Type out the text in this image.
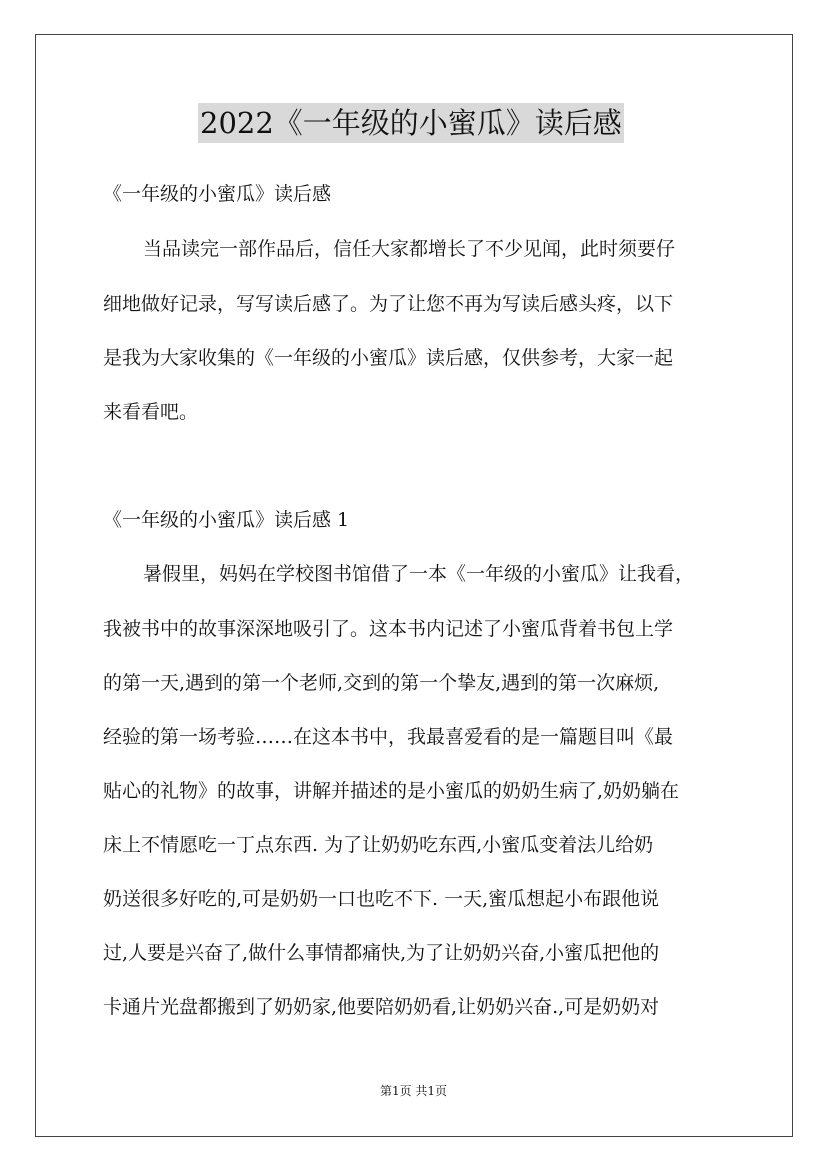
2022《一年级的小蜜瓜》读后感
《一年级的小蜜瓜》读后感
当品读完一部作品后，信任大家都增长了不少见闻，此时须要仔
细地做好记录，写写读后感了。为了让您不再为写读后感头疼，以下
是我为大家收集的《一年级的小蜜瓜》读后感，仅供参考，大家一起
来看看吧。
《一年级的小蜜瓜》读后感 1
暑假里，妈妈在学校图书馆借了一本《一年级的小蜜瓜》让我看，
我被书中的故事深深地吸引了。这本书内记述了小蜜瓜背着书包上学
的第一天,遇到的第一个老师,交到的第一个挚友,遇到的第一次麻烦,
经验的第一场考验……在这本书中，我最喜爱看的是一篇题目叫《最
贴心的礼物》的故事，讲解并描述的是小蜜瓜的奶奶生病了,奶奶躺在
床上不情愿吃一丁点东西. 为了让奶奶吃东西,小蜜瓜变着法儿给奶
奶送很多好吃的,可是奶奶一口也吃不下. 一天,蜜瓜想起小布跟他说
过,人要是兴奋了,做什么事情都痛快,为了让奶奶兴奋,小蜜瓜把他的
卡通片光盘都搬到了奶奶家,他要陪奶奶看,让奶奶兴奋.,可是奶奶对
第1页 共1页
